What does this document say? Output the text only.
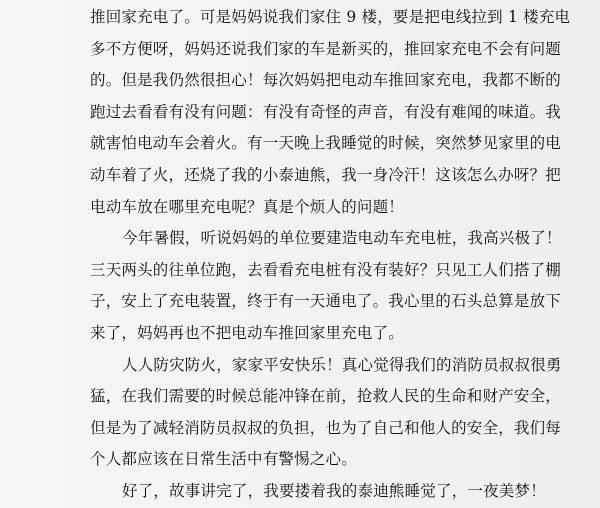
推回家充电了。可是妈妈说我们家住 9 楼，要是把电线拉到 1 楼充电
多不方便呀，妈妈还说我们家的车是新买的，推回家充电不会有问题
的。但是我仍然很担心！每次妈妈把电动车推回家充电，我都不断的
跑过去看看有没有问题：有没有奇怪的声音，有没有难闻的味道。我
就害怕电动车会着火。有一天晚上我睡觉的时候，突然梦见家里的电
动车着了火，还烧了我的小泰迪熊，我一身冷汗！这该怎么办呀？把
电动车放在哪里充电呢？真是个烦人的问题！
今年暑假，听说妈妈的单位要建造电动车充电桩，我高兴极了！
三天两头的往单位跑，去看看充电桩有没有装好？只见工人们搭了棚
子，安上了充电装置，终于有一天通电了。我心里的石头总算是放下
来了，妈妈再也不把电动车推回家里充电了。
人人防灾防火，家家平安快乐！真心觉得我们的消防员叔叔很勇
猛，在我们需要的时候总能冲锋在前，抢救人民的生命和财产安全，
但是为了减轻消防员叔叔的负担，也为了自己和他人的安全，我们每
个人都应该在日常生活中有警惕之心。
好了，故事讲完了，我要搂着我的泰迪熊睡觉了，一夜美梦！
